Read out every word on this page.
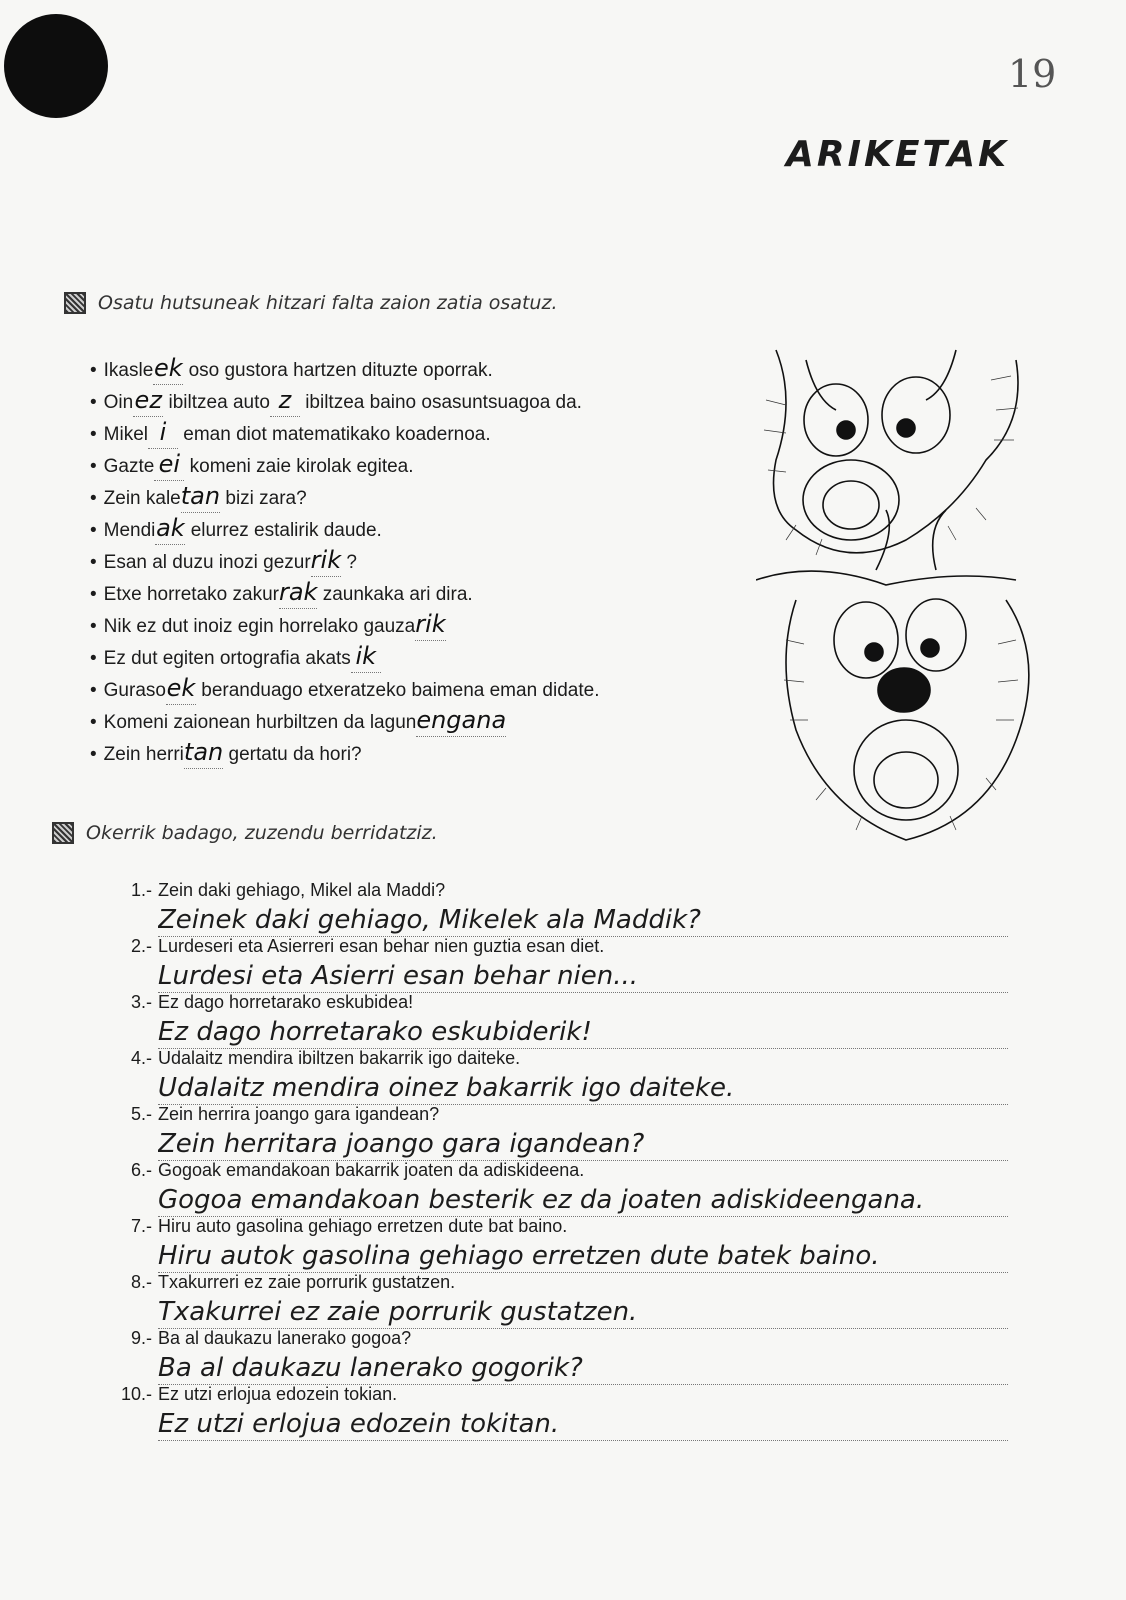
19
ARIKETAK
Osatu hutsuneak hitzari falta zaion zatia osatuz.
• Ikasleek oso gustora hartzen dituzte oporrak.
• Oinez ibiltzea auto z ibiltzea baino osasuntsuagoa da.
• Mikel i eman diot matematikako koadernoa.
• Gazte ei komeni zaie kirolak egitea.
• Zein kaletan bizi zara?
• Mendiak elurrez estalirik daude.
• Esan al duzu inozi gezurrik ?
• Etxe horretako zakurrak zaunkaka ari dira.
• Nik ez dut inoiz egin horrelako gauzarik
• Ez dut egiten ortografia akats ik
• Gurasoek beranduago etxeratzeko baimena eman didate.
• Komeni zaionean hurbiltzen da lagunengana
• Zein herritan gertatu da hori?
Okerrik badago, zuzendu berridatziz.
1.- Zein daki gehiago, Mikel ala Maddi?
Zeinek daki gehiago, Mikelek ala Maddik?
2.- Lurdeseri eta Asierreri esan behar nien guztia esan diet.
Lurdesi eta Asierri esan behar nien...
3.- Ez dago horretarako eskubidea!
Ez dago horretarako eskubiderik!
4.- Udalaitz mendira ibiltzen bakarrik igo daiteke.
Udalaitz mendira oinez bakarrik igo daiteke.
5.- Zein herrira joango gara igandean?
Zein herritara joango gara igandean?
6.- Gogoak emandakoan bakarrik joaten da adiskideena.
Gogoa emandakoan besterik ez da joaten adiskideengana.
7.- Hiru auto gasolina gehiago erretzen dute bat baino.
Hiru autok gasolina gehiago erretzen dute batek baino.
8.- Txakurreri ez zaie porrurik gustatzen.
Txakurrei ez zaie porrurik gustatzen.
9.- Ba al daukazu lanerako gogoa?
Ba al daukazu lanerako gogorik?
10.- Ez utzi erlojua edozein tokian.
Ez utzi erlojua edozein tokitan.
